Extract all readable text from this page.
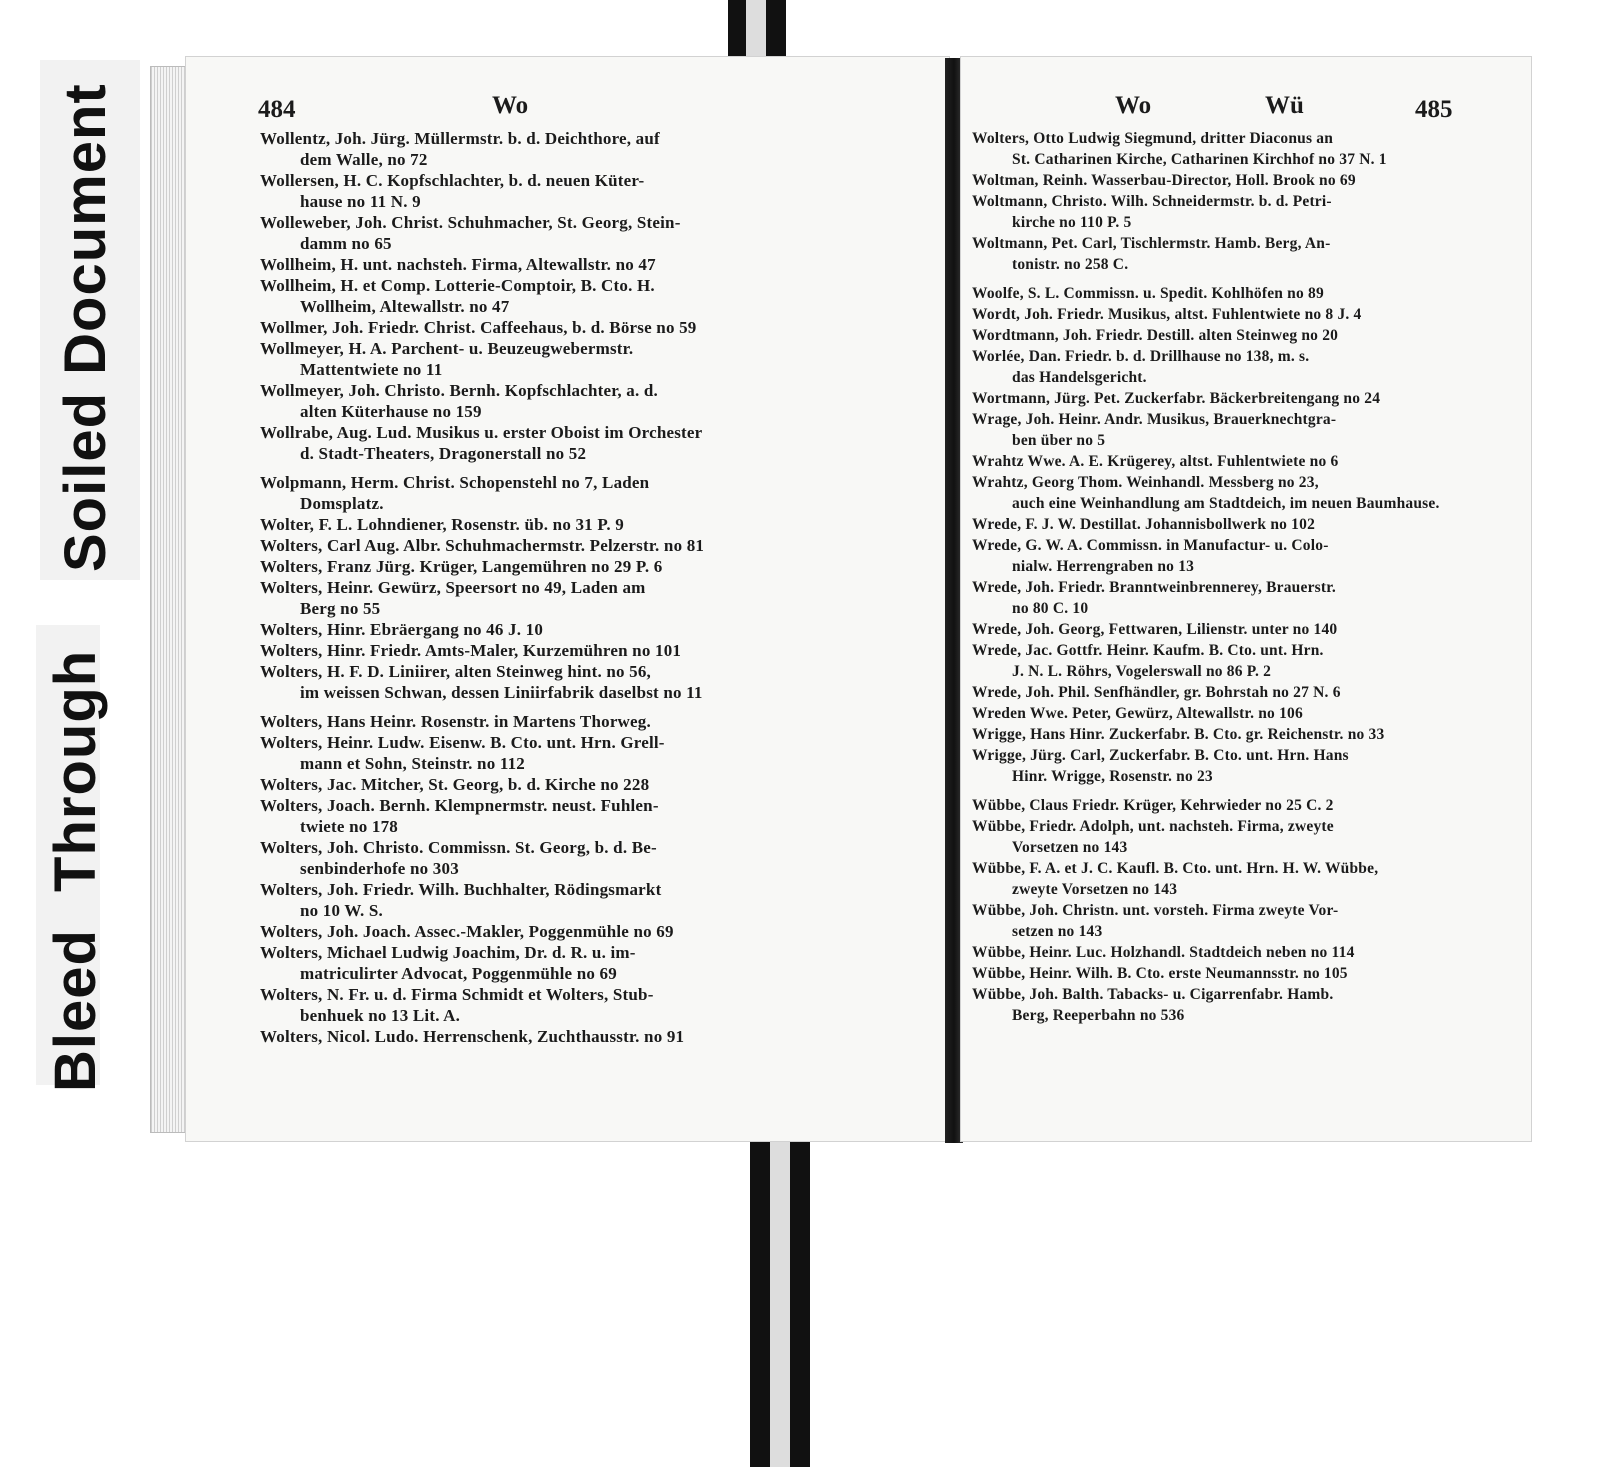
Bleed Through
Soiled Document	484	Wo

Wollentz, Joh. Jürg. Müllermstr. b. d. Deichthore, auf
dem Walle, no 72

Wollersen, H. C. Kopfschlachter, b. d. neuen Küter-
hause no 11 N. 9

Wolleweber, Joh. Christ. Schuhmacher, St. Georg, Stein-
damm no 65

Wollheim, H. unt. nachsteh. Firma, Altewallstr. no 47

Wollheim, H. et Comp. Lotterie-Comptoir, B. Cto. H.
Wollheim, Altewallstr. no 47

Wollmer, Joh. Friedr. Christ. Caffeehaus, b. d. Börse no 59

Wollmeyer, H. A. Parchent- u. Beuzeugwebermstr.
Mattentwiete no 11

Wollmeyer, Joh. Christo. Bernh. Kopfschlachter, a. d.
alten Küterhause no 159

Wollrabe, Aug. Lud. Musikus u. erster Oboist im Orchester
d. Stadt-Theaters, Dragonerstall no 52

Wolpmann, Herm. Christ. Schopenstehl no 7, Laden
Domsplatz.

Wolter, F. L. Lohndiener, Rosenstr. üb. no 31 P. 9

Wolters, Carl Aug. Albr. Schuhmachermstr. Pelzerstr. no 81

Wolters, Franz Jürg. Krüger, Langemühren no 29 P. 6

Wolters, Heinr. Gewürz, Speersort no 49, Laden am
Berg no 55

Wolters, Hinr. Ebräergang no 46 J. 10

Wolters, Hinr. Friedr. Amts-Maler, Kurzemühren no 101

Wolters, H. F. D. Liniirer, alten Steinweg hint. no 56,
im weissen Schwan, dessen Liniirfabrik daselbst no 11

Wolters, Hans Heinr. Rosenstr. in Martens Thorweg.

Wolters, Heinr. Ludw. Eisenw. B. Cto. unt. Hrn. Grell-
mann et Sohn, Steinstr. no 112

Wolters, Jac. Mitcher, St. Georg, b. d. Kirche no 228

Wolters, Joach. Bernh. Klempnermstr. neust. Fuhlen-
twiete no 178

Wolters, Joh. Christo. Commissn. St. Georg, b. d. Be-
senbinderhofe no 303

Wolters, Joh. Friedr. Wilh. Buchhalter, Rödingsmarkt
no 10 W. S.

Wolters, Joh. Joach. Assec.-Makler, Poggenmühle no 69

Wolters, Michael Ludwig Joachim, Dr. d. R. u. im-
matriculirter Advocat, Poggenmühle no 69

Wolters, N. Fr. u. d. Firma Schmidt et Wolters, Stub-
benhuek no 13 Lit. A.

Wolters, Nicol. Ludo. Herrenschenk, Zuchthausstr. no 91

Wo	Wü	485

Wolters, Otto Ludwig Siegmund, dritter Diaconus an
St. Catharinen Kirche, Catharinen Kirchhof no 37 N. 1

Woltman, Reinh. Wasserbau-Director, Holl. Brook no 69

Woltmann, Christo. Wilh. Schneidermstr. b. d. Petri-
kirche no 110 P. 5

Woltmann, Pet. Carl, Tischlermstr. Hamb. Berg, An-
tonistr. no 258 C.

Woolfe, S. L. Commissn. u. Spedit. Kohlhöfen no 89

Wordt, Joh. Friedr. Musikus, altst. Fuhlentwiete no 8 J. 4

Wordtmann, Joh. Friedr. Destill. alten Steinweg no 20

Worlée, Dan. Friedr. b. d. Drillhause no 138, m. s.
das Handelsgericht.

Wortmann, Jürg. Pet. Zuckerfabr. Bäckerbreitengang no 24

Wrage, Joh. Heinr. Andr. Musikus, Brauerknechtgra-
ben über no 5

Wrahtz Wwe. A. E. Krügerey, altst. Fuhlentwiete no 6

Wrahtz, Georg Thom. Weinhandl. Messberg no 23,
auch eine Weinhandlung am Stadtdeich, im neuen Baumhause.

Wrede, F. J. W. Destillat. Johannisbollwerk no 102

Wrede, G. W. A. Commissn. in Manufactur- u. Colo-
nialw. Herrengraben no 13

Wrede, Joh. Friedr. Branntweinbrennerey, Brauerstr.
no 80 C. 10

Wrede, Joh. Georg, Fettwaren, Lilienstr. unter no 140

Wrede, Jac. Gottfr. Heinr. Kaufm. B. Cto. unt. Hrn.
J. N. L. Röhrs, Vogelerswall no 86 P. 2

Wrede, Joh. Phil. Senfhändler, gr. Bohrstah no 27 N. 6

Wreden Wwe. Peter, Gewürz, Altewallstr. no 106

Wrigge, Hans Hinr. Zuckerfabr. B. Cto. gr. Reichenstr. no 33

Wrigge, Jürg. Carl, Zuckerfabr. B. Cto. unt. Hrn. Hans
Hinr. Wrigge, Rosenstr. no 23

Wübbe, Claus Friedr. Krüger, Kehrwieder no 25 C. 2

Wübbe, Friedr. Adolph, unt. nachsteh. Firma, zweyte
Vorsetzen no 143

Wübbe, F. A. et J. C. Kaufl. B. Cto. unt. Hrn. H. W. Wübbe,
zweyte Vorsetzen no 143

Wübbe, Joh. Christn. unt. vorsteh. Firma zweyte Vor-
setzen no 143

Wübbe, Heinr. Luc. Holzhandl. Stadtdeich neben no 114

Wübbe, Heinr. Wilh. B. Cto. erste Neumannsstr. no 105

Wübbe, Joh. Balth. Tabacks- u. Cigarrenfabr. Hamb.
Berg, Reeperbahn no 536
